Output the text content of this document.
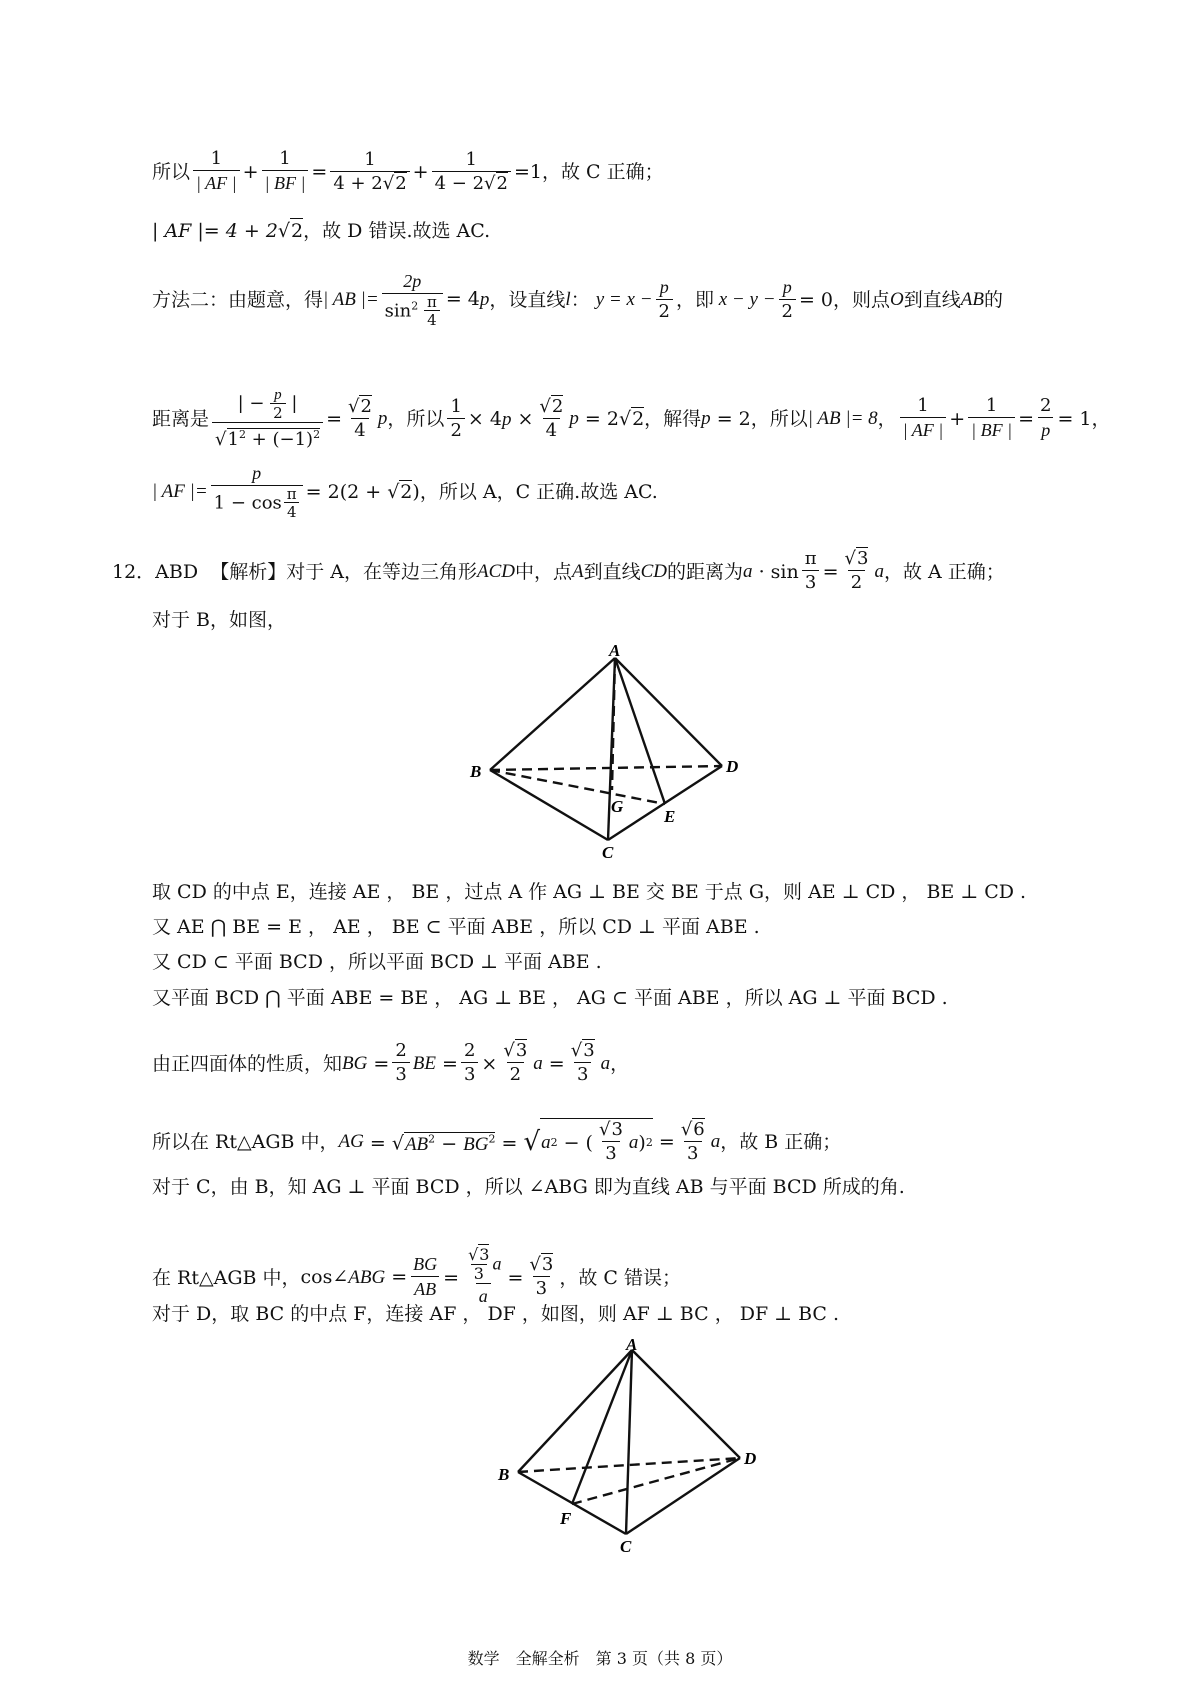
所以 $\frac{1}{| AF |} + \frac{1}{| BF |} = \frac{1}{4 + 2√2} + \frac{1}{4 - 2√2} =1$ ，故 C 正确；
| AF |= 4 + 2 √ 2 ，故 D 错误.故选 AC.
方法二：由题意，得 | AB |= $\frac{2p}{\sin^2 \frac{\pi}{4}} = 4p$ ，设直线 l ： $y = x - \frac{p}{2}$ ， 即 $x - y - \frac{p}{2} = 0$ ，则点 O 到直线 AB 的
距离是 $\frac{| - \frac{p}{2} |}{√1^2 + (-1)^2} = \frac{√2}{4}$ p ，所以 $\frac{1}{2} \times 4p \times \frac{√2}{4}$ p = 2√2 ，解得 p = 2 ，所以 | AB |= 8 ， $\frac{1}{| AF |} + \frac{1}{| BF |} = \frac{2}{p} = 1$，
| AF |= $\frac{p}{1 - \cos \frac{\pi}{4}} = 2(2 + √2)$ ，所以 A，C 正确.故选 AC.
12．ABD
【解析】 对于 A，在等边三角形 ACD 中，点 A 到直线 CD 的距离为 $a \cdot \sin \frac{\pi}{3} = \frac{√3}{2}$ a ，故 A 正确；
对于 B，如图，
A
B
C
D
E
G
取 CD 的中点 E，连接 AE ， BE ，过点 A 作 AG ⊥ BE 交 BE 于点 G，则 AE ⊥ CD ， BE ⊥ CD .
又 AE ⋂ BE = E ， AE ， BE ⊂ 平面 ABE ，所以 CD ⊥ 平面 ABE .
又 CD ⊂ 平面 BCD ，所以平面 BCD ⊥ 平面 ABE .
又平面 BCD ⋂ 平面 ABE = BE ， AG ⊥ BE ， AG ⊂ 平面 ABE ，所以 AG ⊥ 平面 BCD .
由正四面体的性质，知 BG = $\frac{2}{3}$ BE = $\frac{2}{3} \times \frac{√3}{2}$ $a = \frac{√3}{3}$ a ，
所以在 Rt△AGB 中， AG = $√AB^2 - BG^2$ = √ a 2 − ( $\frac{√3}{3}$ a ) $2 = \frac{√6}{3}$ a ，故 B 正确；
对于 C，由 B，知 AG ⊥ 平面 BCD ，所以 ∠ABG 即为直线 AB 与平面 BCD 所成的角.
在 Rt△AGB 中， cos∠ABG = $\frac{BG}{AB} = \frac{\frac{√3}{3} a}{a} = \frac{√3}{3}$ ，故 C 错误；
对于 D，取 BC 的中点 F，连接 AF ， DF ，如图，则 AF ⊥ BC ， DF ⊥ BC .
A
B
C
D
F
数学　全解全析　第 3 页（共 8 页）
